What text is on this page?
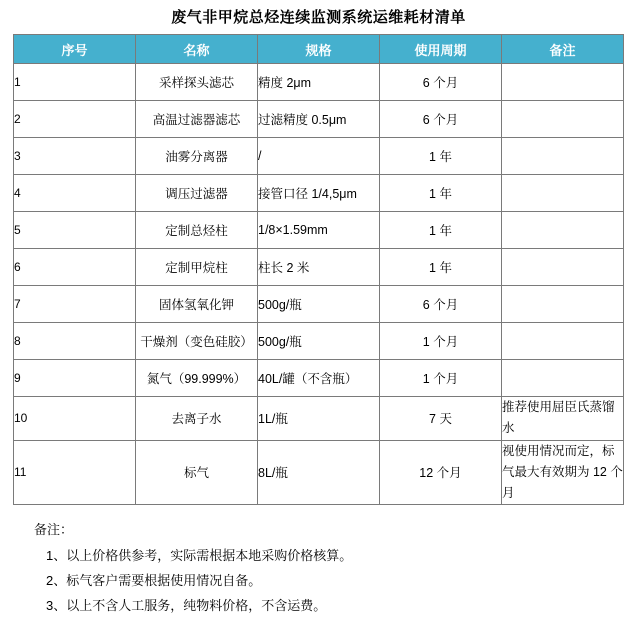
废气非甲烷总烃连续监测系统运维耗材清单
序号	名称	规格	使用周期	备注
1	采样探头滤芯	精度 2μm	6 个月	
2	高温过滤器滤芯	过滤精度 0.5μm	6 个月	
3	油雾分离器	/	1 年	
4	调压过滤器	接管口径 1/4,5μm	1 年	
5	定制总烃柱	1/8×1.59mm	1 年	
6	定制甲烷柱	柱长 2 米	1 年	
7	固体氢氧化钾	500g/瓶	6 个月	
8	干燥剂（变色硅胶）	500g/瓶	1 个月	
9	氮气（99.999%）	40L/罐（不含瓶）	1 个月	
10	去离子水	1L/瓶	7 天	推荐使用屈臣氏蒸馏水
11	标气	8L/瓶	12 个月	视使用情况而定，标气最大有效期为 12 个月
备注：
1、以上价格供参考，实际需根据本地采购价格核算。
2、标气客户需要根据使用情况自备。
3、以上不含人工服务，纯物料价格，不含运费。
